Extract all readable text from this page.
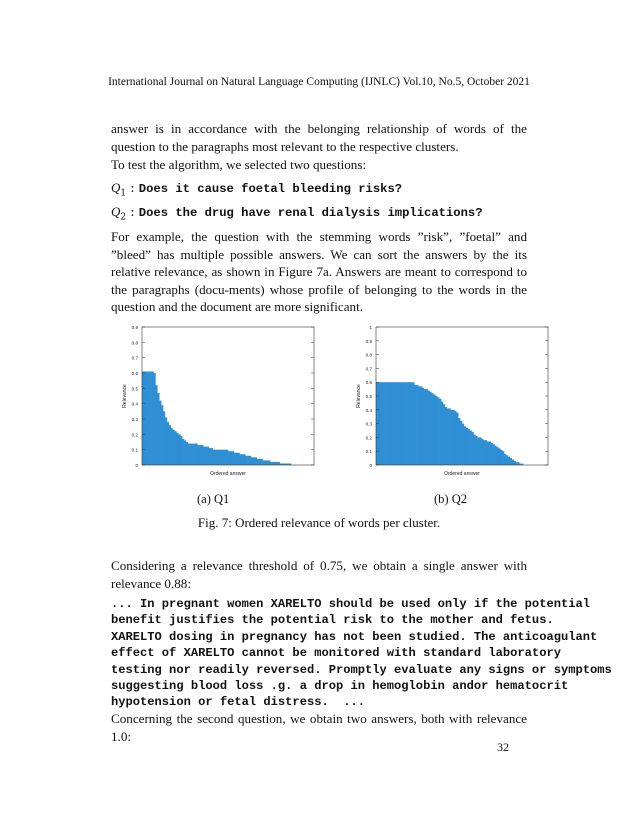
International Journal on Natural Language Computing (IJNLC) Vol.10, No.5, October 2021

answer is in accordance with the belonging relationship of words of the question to the paragraphs most relevant to the respective clusters.

To test the algorithm, we selected two questions:

$Q_1$ : Does it cause foetal bleeding risks?
$Q_2$ : Does the drug have renal dialysis implications?

For example, the question with the stemming words ”risk”, ”foetal” and ”bleed” has multiple possible answers. We can sort the answers by the its relative relevance, as shown in Figure 7a. Answers are meant to correspond to the paragraphs (docu-ments) whose profile of belonging to the words in the question and the document are more significant.

0
0.1
0.2
0.3
0.4
0.5
0.6
0.7
0.8
0.9
Ordered answer
Relevance
0
0.1
0.2
0.3
0.4
0.5
0.6
0.7
0.8
0.9
1
Ordered answer
Relevance
(a) Q1	(b) Q2
Fig. 7: Ordered relevance of words per cluster.

Considering a relevance threshold of 0.75, we obtain a single answer with relevance 0.88:

... In pregnant women XARELTO should be used only if the potential
benefit justifies the potential risk to the mother and fetus.
XARELTO dosing in pregnancy has not been studied. The anticoagulant
effect of XARELTO cannot be monitored with standard laboratory
testing nor readily reversed. Promptly evaluate any signs or symptoms
suggesting blood loss .g. a drop in hemoglobin andor hematocrit
hypotension or fetal distress.  ...

Concerning the second question, we obtain two answers, both with relevance 1.0:

32
